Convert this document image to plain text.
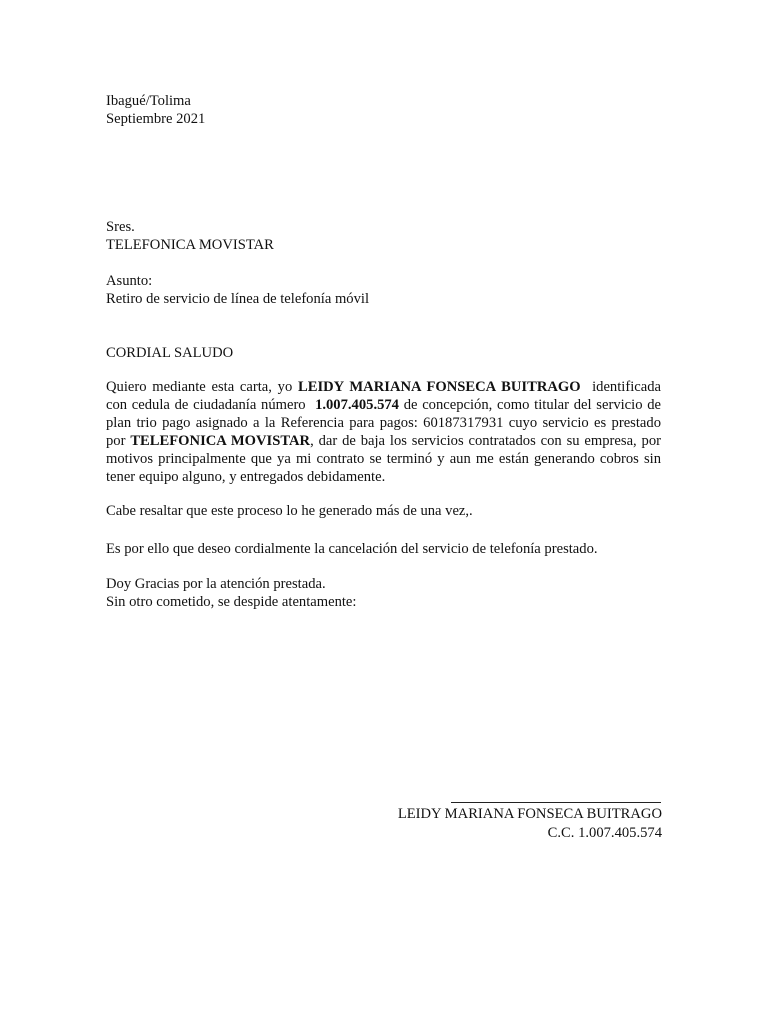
Ibagué/Tolima
Septiembre 2021
Sres.
TELEFONICA MOVISTAR
Asunto:
Retiro de servicio de línea de telefonía móvil
CORDIAL SALUDO
Quiero mediante esta carta, yo LEIDY MARIANA FONSECA BUITRAGO  identificada con cedula de ciudadanía número  1.007.405.574 de concepción, como titular del servicio de plan trio pago asignado a la Referencia para pagos: 60187317931 cuyo servicio es prestado por TELEFONICA MOVISTAR, dar de baja los servicios contratados con su empresa, por motivos principalmente que ya mi contrato se terminó y aun me están generando cobros sin tener equipo alguno, y entregados debidamente.
Cabe resaltar que este proceso lo he generado más de una vez,.
Es por ello que deseo cordialmente la cancelación del servicio de telefonía prestado.
Doy Gracias por la atención prestada.
Sin otro cometido, se despide atentamente:
LEIDY MARIANA FONSECA BUITRAGO
C.C. 1.007.405.574
